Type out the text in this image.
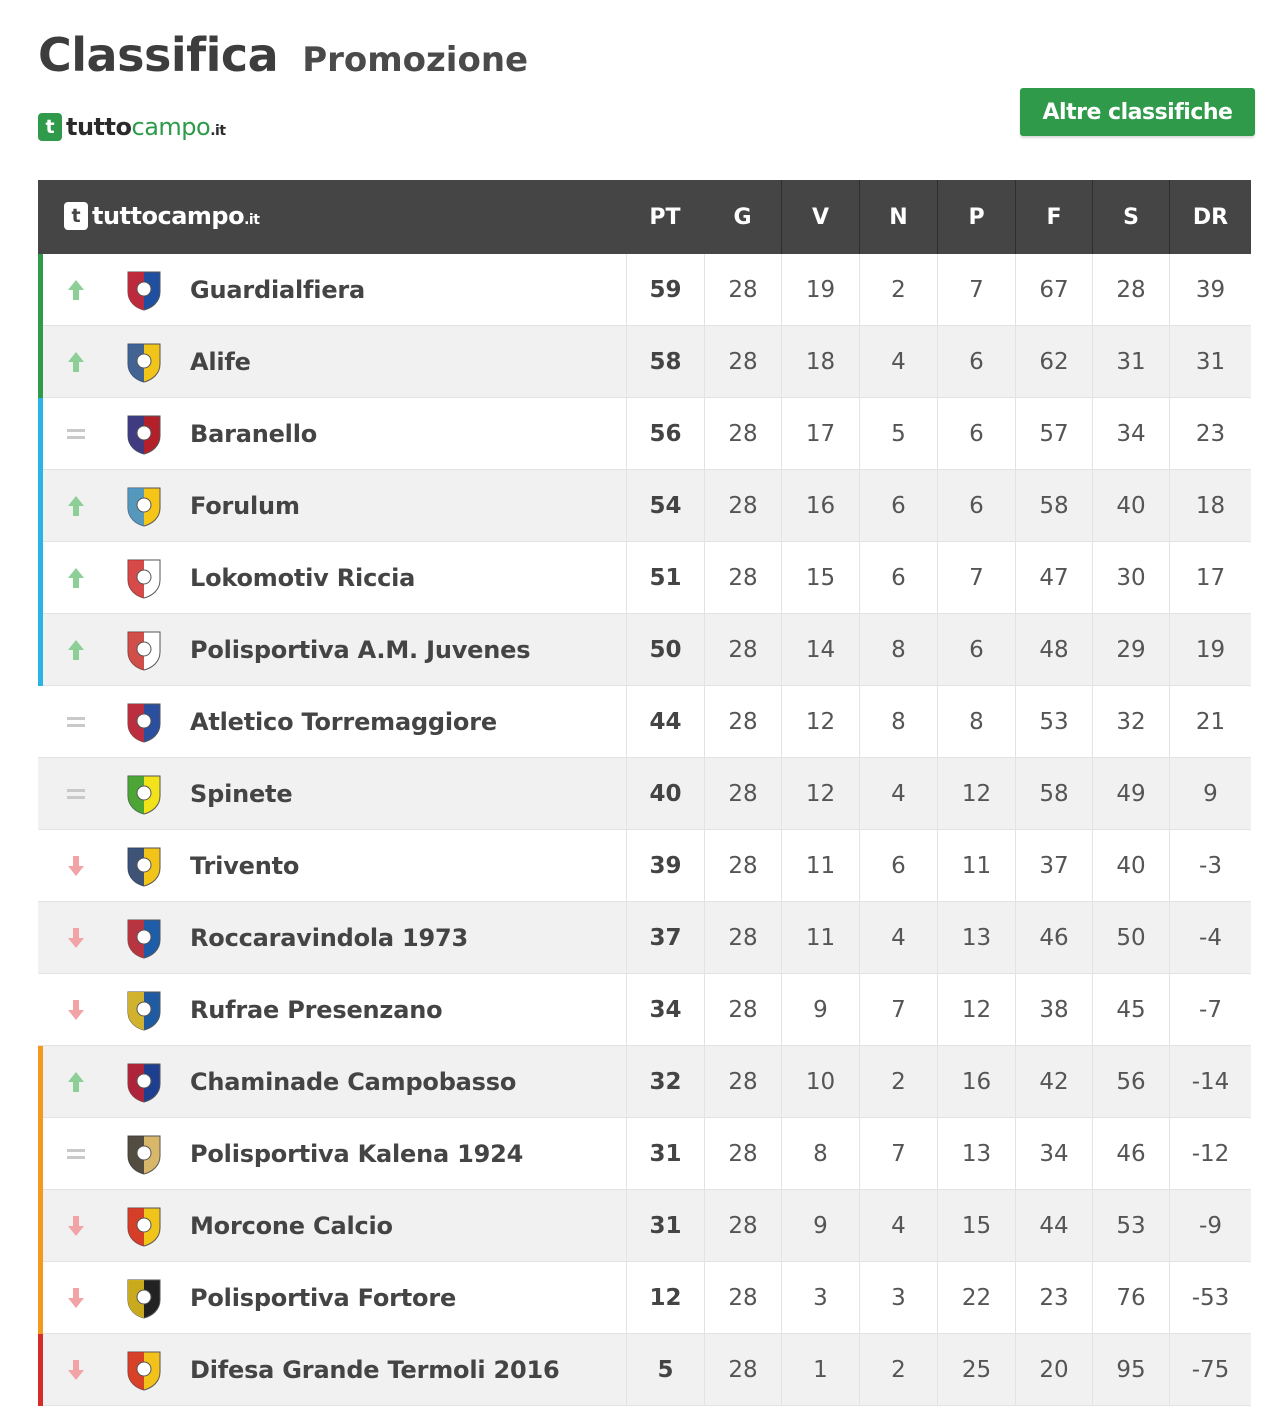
Classifica Promozione
t tuttocampo.it
Altre classifiche
t tuttocampo.it	PT	G	V	N	P	F	S	DR
Guardialfiera	59	28	19	2	7	67	28	39
Alife	58	28	18	4	6	62	31	31
Baranello	56	28	17	5	6	57	34	23
Forulum	54	28	16	6	6	58	40	18
Lokomotiv Riccia	51	28	15	6	7	47	30	17
Polisportiva A.M. Juvenes	50	28	14	8	6	48	29	19
Atletico Torremaggiore	44	28	12	8	8	53	32	21
Spinete	40	28	12	4	12	58	49	9
Trivento	39	28	11	6	11	37	40	-3
Roccaravindola 1973	37	28	11	4	13	46	50	-4
Rufrae Presenzano	34	28	9	7	12	38	45	-7
Chaminade Campobasso	32	28	10	2	16	42	56	-14
Polisportiva Kalena 1924	31	28	8	7	13	34	46	-12
Morcone Calcio	31	28	9	4	15	44	53	-9
Polisportiva Fortore	12	28	3	3	22	23	76	-53
Difesa Grande Termoli 2016	5	28	1	2	25	20	95	-75
